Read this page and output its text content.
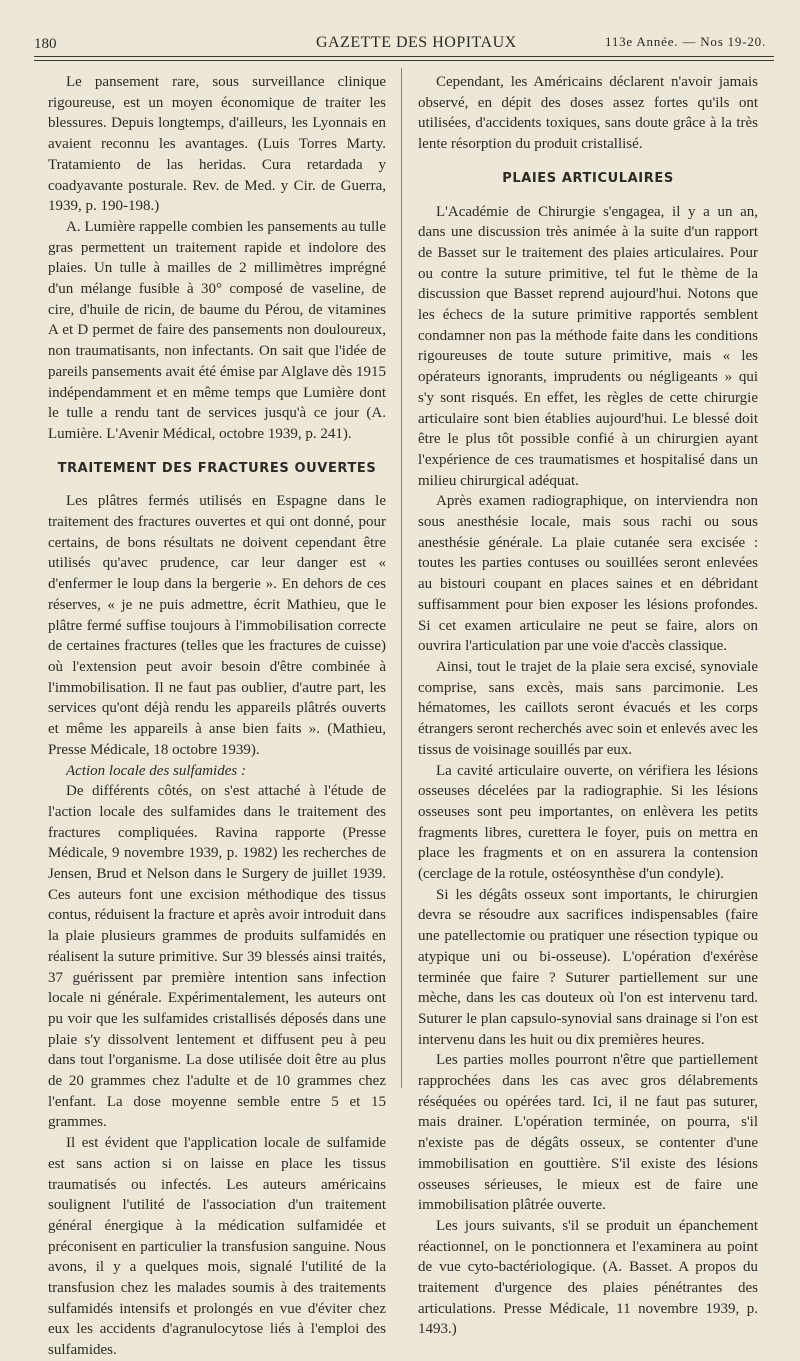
180	GAZETTE DES HOPITAUX	113e Année. — Nos 19-20.

Le pansement rare, sous surveillance clinique rigoureuse, est un moyen économique de traiter les blessures. Depuis longtemps, d'ailleurs, les Lyonnais en avaient reconnu les avantages. (Luis Torres Marty. Tratamiento de las heridas. Cura retardada y coadyavante posturale. Rev. de Med. y Cir. de Guerra, 1939, p. 190-198.)

A. Lumière rappelle combien les pansements au tulle gras permettent un traitement rapide et indolore des plaies. Un tulle à mailles de 2 millimètres imprégné d'un mélange fusible à 30° composé de vaseline, de cire, d'huile de ricin, de baume du Pérou, de vitamines A et D permet de faire des pansements non douloureux, non traumatisants, non infectants. On sait que l'idée de pareils pansements avait été émise par Alglave dès 1915 indépendamment et en même temps que Lumière dont le tulle a rendu tant de services jusqu'à ce jour (A. Lumière. L'Avenir Médical, octobre 1939, p. 241).

TRAITEMENT DES FRACTURES OUVERTES

Les plâtres fermés utilisés en Espagne dans le traitement des fractures ouvertes et qui ont donné, pour certains, de bons résultats ne doivent cependant être utilisés qu'avec prudence, car leur danger est « d'enfermer le loup dans la bergerie ». En dehors de ces réserves, « je ne puis admettre, écrit Mathieu, que le plâtre fermé suffise toujours à l'immobilisation correcte de certaines fractures (telles que les fractures de cuisse) où l'extension peut avoir besoin d'être combinée à l'immobilisation. Il ne faut pas oublier, d'autre part, les services qu'ont déjà rendu les appareils plâtrés ouverts et même les appareils à anse bien faits ». (Mathieu, Presse Médicale, 18 octobre 1939).

Action locale des sulfamides :

De différents côtés, on s'est attaché à l'étude de l'action locale des sulfamides dans le traitement des fractures compliquées. Ravina rapporte (Presse Médicale, 9 novembre 1939, p. 1982) les recherches de Jensen, Brud et Nelson dans le Surgery de juillet 1939. Ces auteurs font une excision méthodique des tissus contus, réduisent la fracture et après avoir introduit dans la plaie plusieurs grammes de produits sulfamidés en réalisent la suture primitive. Sur 39 blessés ainsi traités, 37 guérissent par première intention sans infection locale ni générale. Expérimentalement, les auteurs ont pu voir que les sulfamides cristallisés déposés dans une plaie s'y dissolvent lentement et diffusent peu à peu dans tout l'organisme. La dose utilisée doit être au plus de 20 grammes chez l'adulte et de 10 grammes chez l'enfant. La dose moyenne semble entre 5 et 15 grammes.

Il est évident que l'application locale de sulfamide est sans action si on laisse en place les tissus traumatisés ou infectés. Les auteurs américains soulignent l'utilité de l'association d'un traitement général énergique à la médication sulfamidée et préconisent en particulier la transfusion sanguine. Nous avons, il y a quelques mois, signalé l'utilité de la transfusion chez les malades soumis à des traitements sulfamidés intensifs et prolongés en vue d'éviter chez eux les accidents d'agranulocytose liés à l'emploi des sulfamides.

Cependant, les Américains déclarent n'avoir jamais observé, en dépit des doses assez fortes qu'ils ont utilisées, d'accidents toxiques, sans doute grâce à la très lente résorption du produit cristallisé.

PLAIES ARTICULAIRES

L'Académie de Chirurgie s'engagea, il y a un an, dans une discussion très animée à la suite d'un rapport de Basset sur le traitement des plaies articulaires. Pour ou contre la suture primitive, tel fut le thème de la discussion que Basset reprend aujourd'hui. Notons que les échecs de la suture primitive rapportés semblent condamner non pas la méthode faite dans les conditions rigoureuses de toute suture primitive, mais « les opérateurs ignorants, imprudents ou négligeants » qui s'y sont risqués. En effet, les règles de cette chirurgie articulaire sont bien établies aujourd'hui. Le blessé doit être le plus tôt possible confié à un chirurgien ayant l'expérience de ces traumatismes et hospitalisé dans un milieu chirurgical adéquat.

Après examen radiographique, on interviendra non sous anesthésie locale, mais sous rachi ou sous anesthésie générale. La plaie cutanée sera excisée : toutes les parties contuses ou souillées seront enlevées au bistouri coupant en places saines et en débridant suffisamment pour bien exposer les lésions profondes. Si cet examen articulaire ne peut se faire, alors on ouvrira l'articulation par une voie d'accès classique.

Ainsi, tout le trajet de la plaie sera excisé, synoviale comprise, sans excès, mais sans parcimonie. Les hématomes, les caillots seront évacués et les corps étrangers seront recherchés avec soin et enlevés avec les tissus de voisinage souillés par eux.

La cavité articulaire ouverte, on vérifiera les lésions osseuses décelées par la radiographie. Si les lésions osseuses sont peu importantes, on enlèvera les petits fragments libres, curettera le foyer, puis on mettra en place les fragments et on en assurera la contension (cerclage de la rotule, ostéosynthèse d'un condyle).

Si les dégâts osseux sont importants, le chirurgien devra se résoudre aux sacrifices indispensables (faire une patellectomie ou pratiquer une résection typique ou atypique uni ou bi-osseuse). L'opération d'exérèse terminée que faire ? Suturer partiellement sur une mèche, dans les cas douteux où l'on est intervenu tard. Suturer le plan capsulo-synovial sans drainage si l'on est intervenu dans les huit ou dix premières heures.

Les parties molles pourront n'être que partiellement rapprochées dans les cas avec gros délabrements réséquées ou opérées tard. Ici, il ne faut pas suturer, mais drainer. L'opération terminée, on pourra, s'il n'existe pas de dégâts osseux, se contenter d'une immobilisation en gouttière. S'il existe des lésions osseuses sérieuses, le mieux est de faire une immobilisation plâtrée ouverte.

Les jours suivants, s'il se produit un épanchement réactionnel, on le ponctionnera et l'examinera au point de vue cyto-bactériologique. (A. Basset. A propos du traitement d'urgence des plaies pénétrantes des articulations. Presse Médicale, 11 novembre 1939, p. 1493.)
